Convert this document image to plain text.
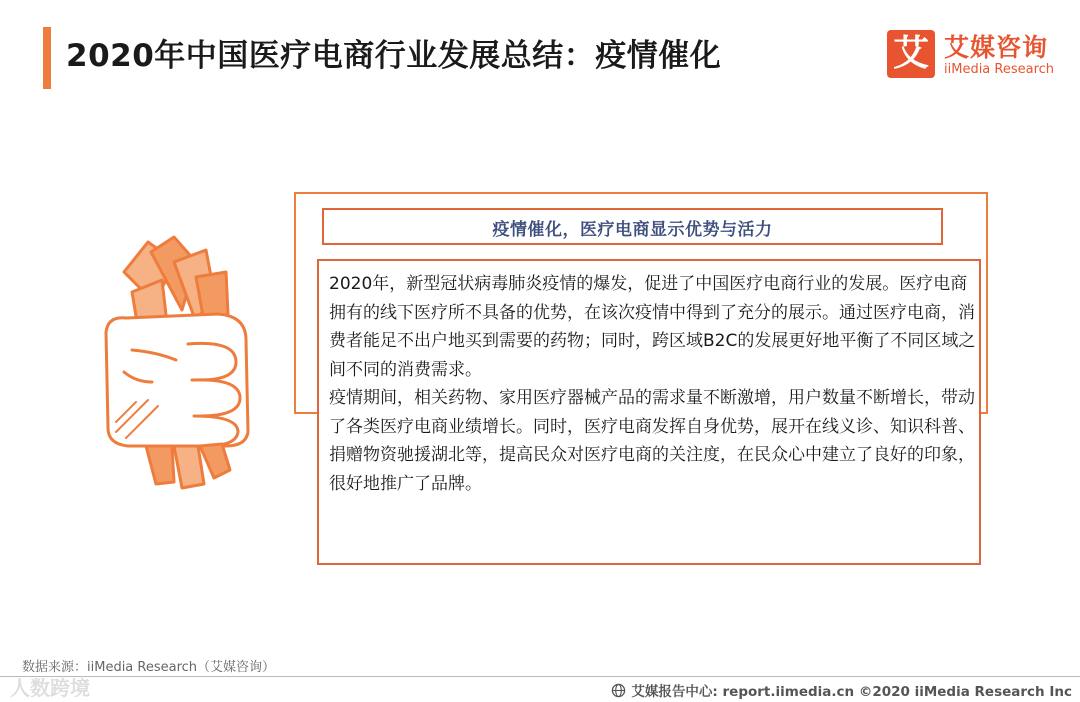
2020年中国医疗电商行业发展总结：疫情催化	艾 艾媒咨询
iiMedia Research
疫情催化，医疗电商显示优势与活力

2020年，新型冠状病毒肺炎疫情的爆发，促进了中国医疗电商行业的发展。医疗电商拥有的线下医疗所不具备的优势，在该次疫情中得到了充分的展示。通过医疗电商，消费者能足不出户地买到需要的药物；同时，跨区域B2C的发展更好地平衡了不同区域之间不同的消费需求。

疫情期间，相关药物、家用医疗器械产品的需求量不断激增，用户数量不断增长，带动了各类医疗电商业绩增长。同时，医疗电商发挥自身优势，展开在线义诊、知识科普、捐赠物资驰援湖北等，提高民众对医疗电商的关注度，在民众心中建立了良好的印象，很好地推广了品牌。

数据来源：iiMedia Research（艾媒咨询）
人数跨境	艾媒报告中心: report.iimedia.cn ©2020 iiMedia Research Inc
